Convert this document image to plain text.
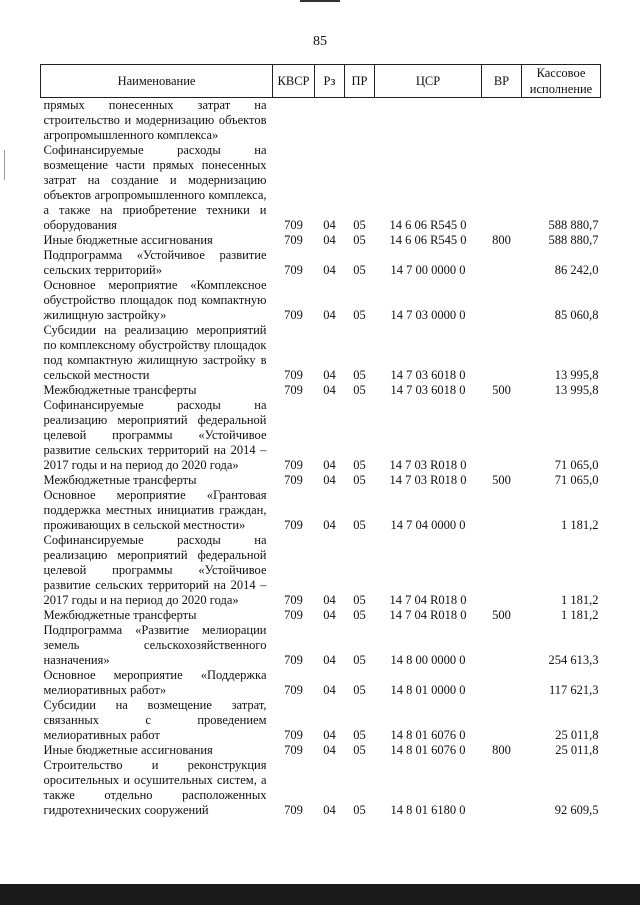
85
Наименование	КВСР	Рз	ПР	ЦСР	ВР	Кассовое исполнение
прямых понесенных затрат на строительство и модернизацию объектов агропромышленного комплекса»						
Софинансируемые расходы на возмещение части прямых понесенных затрат на создание и модернизацию объектов агропромышленного комплекса, а также на приобретение техники и оборудования	709	04	05	14 6 06 R545 0		588 880,7
Иные бюджетные ассигнования	709	04	05	14 6 06 R545 0	800	588 880,7
Подпрограмма «Устойчивое развитие сельских территорий»	709	04	05	14 7 00 0000 0		86 242,0
Основное мероприятие «Комплексное обустройство площадок под компактную жилищную застройку»	709	04	05	14 7 03 0000 0		85 060,8
Субсидии на реализацию мероприятий по комплексному обустройству площадок под компактную жилищную застройку в сельской местности	709	04	05	14 7 03 6018 0		13 995,8
Межбюджетные трансферты	709	04	05	14 7 03 6018 0	500	13 995,8
Софинансируемые расходы на реализацию мероприятий федеральной целевой программы «Устойчивое развитие сельских территорий на 2014 – 2017 годы и на период до 2020 года»	709	04	05	14 7 03 R018 0		71 065,0
Межбюджетные трансферты	709	04	05	14 7 03 R018 0	500	71 065,0
Основное мероприятие «Грантовая поддержка местных инициатив граждан, проживающих в сельской местности»	709	04	05	14 7 04 0000 0		1 181,2
Софинансируемые расходы на реализацию мероприятий федеральной целевой программы «Устойчивое развитие сельских территорий на 2014 – 2017 годы и на период до 2020 года»	709	04	05	14 7 04 R018 0		1 181,2
Межбюджетные трансферты	709	04	05	14 7 04 R018 0	500	1 181,2
Подпрограмма «Развитие мелиорации земель сельскохозяйственного назначения»	709	04	05	14 8 00 0000 0		254 613,3
Основное мероприятие «Поддержка мелиоративных работ»	709	04	05	14 8 01 0000 0		117 621,3
Субсидии на возмещение затрат, связанных с проведением мелиоративных работ	709	04	05	14 8 01 6076 0		25 011,8
Иные бюджетные ассигнования	709	04	05	14 8 01 6076 0	800	25 011,8
Строительство и реконструкция оросительных и осушительных систем, а также отдельно расположенных гидротехнических сооружений	709	04	05	14 8 01 6180 0		92 609,5
